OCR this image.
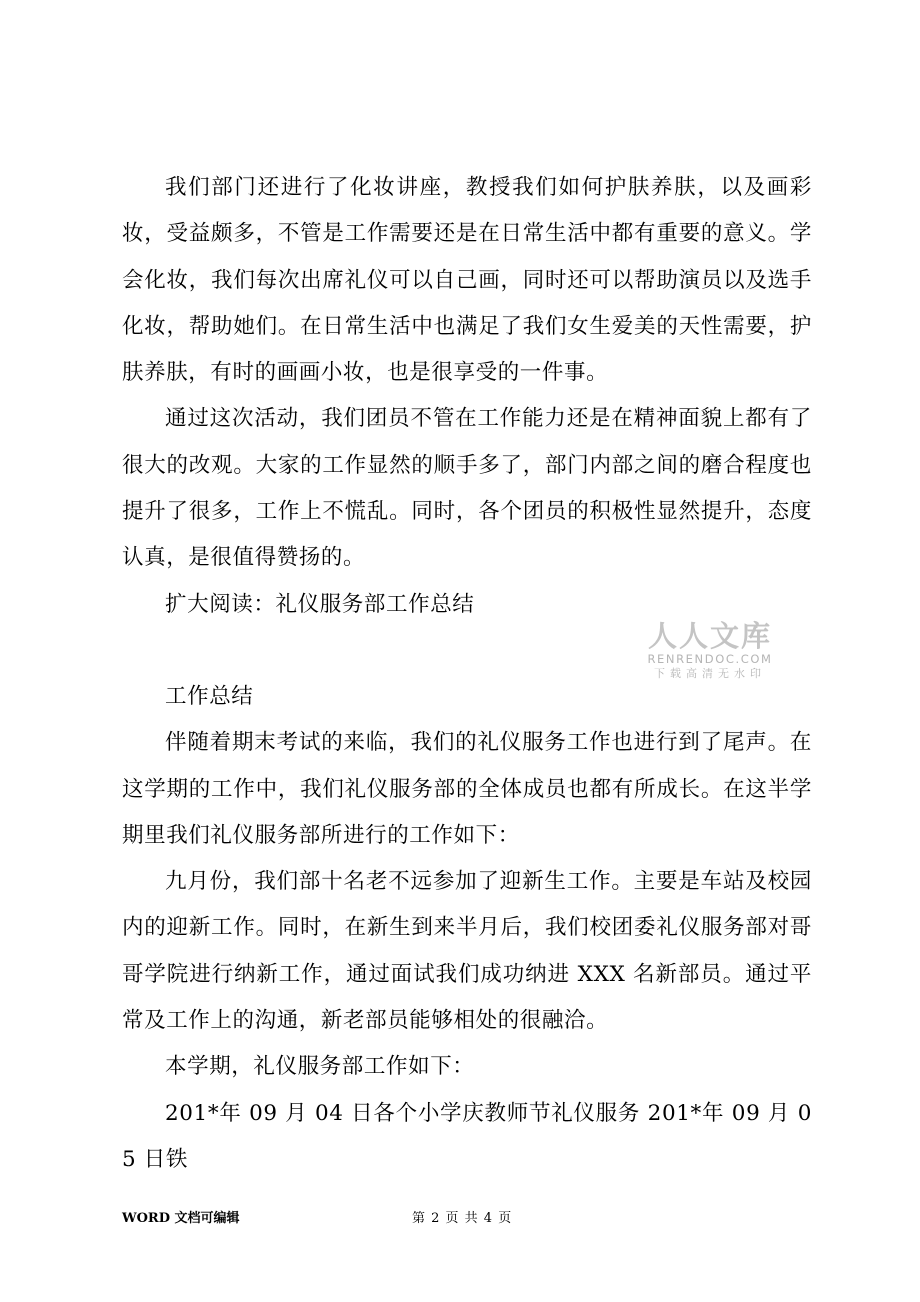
我们部门还进行了化妆讲座，教授我们如何护肤养肤，以及画彩妆，受益颇多，不管是工作需要还是在日常生活中都有重要的意义。学会化妆，我们每次出席礼仪可以自己画，同时还可以帮助演员以及选手化妆，帮助她们。在日常生活中也满足了我们女生爱美的天性需要，护肤养肤，有时的画画小妆，也是很享受的一件事。

通过这次活动，我们团员不管在工作能力还是在精神面貌上都有了很大的改观。大家的工作显然的顺手多了，部门内部之间的磨合程度也提升了很多，工作上不慌乱。同时，各个团员的积极性显然提升，态度认真，是很值得赞扬的。

扩大阅读：礼仪服务部工作总结

工作总结

伴随着期末考试的来临，我们的礼仪服务工作也进行到了尾声。在这学期的工作中，我们礼仪服务部的全体成员也都有所成长。在这半学期里我们礼仪服务部所进行的工作如下：

九月份，我们部十名老不远参加了迎新生工作。主要是车站及校园内的迎新工作。同时，在新生到来半月后，我们校团委礼仪服务部对哥哥学院进行纳新工作，通过面试我们成功纳进 XXX 名新部员。通过平常及工作上的沟通，新老部员能够相处的很融洽。

本学期，礼仪服务部工作如下：

201*年 09 月 04 日各个小学庆教师节礼仪服务 201*年 09 月 05 日铁

人人文库
RENRENDOC.COM
下载高清无水印
WORD 文档可编辑	第 2 页 共 4 页
